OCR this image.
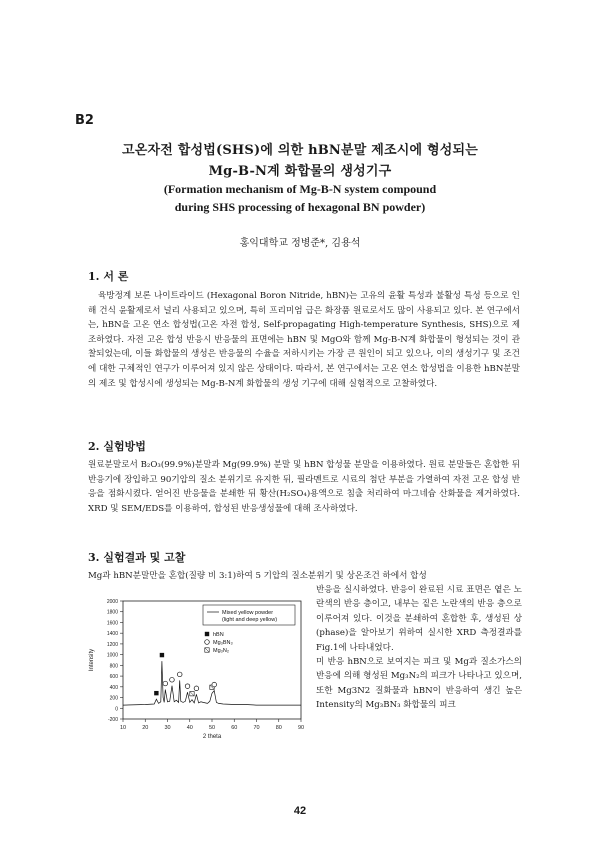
B2
고온자전 합성법(SHS)에 의한 hBN분말 제조시에 형성되는
Mg-B-N계 화합물의 생성기구
(Formation mechanism of Mg-B-N system compound
during SHS processing of hexagonal BN powder)
홍익대학교 정병준*, 김용석
1. 서 론

육방정계 보론 나이트라이드 (Hexagonal Boron Nitride, hBN)는 고유의 윤활 특성과 불활성 특성 등으로 인해 건식 윤활제로서 널리 사용되고 있으며, 특히 프리미엄 급은 화장품 원료로서도 많이 사용되고 있다. 본 연구에서는, hBN을 고온 연소 합성법(고온 자전 합성, Self-propagating High-temperature Synthesis, SHS)으로 제조하였다. 자전 고온 합성 반응시 반응물의 표면에는 hBN 및 MgO와 함께 Mg-B-N계 화합물이 형성되는 것이 관찰되었는데, 이들 화합물의 생성은 반응물의 수율을 저하시키는 가장 큰 원인이 되고 있으나, 이의 생성기구 및 조건에 대한 구체적인 연구가 이루어져 있지 않은 상태이다. 따라서, 본 연구에서는 고온 연소 합성법을 이용한 hBN분말의 제조 및 합성시에 생성되는 Mg-B-N계 화합물의 생성 기구에 대해 실험적으로 고찰하였다.

2. 실험방법

원료분말로서 B₂O₃(99.9%)분말과 Mg(99.9%) 분말 및 hBN 합성물 분말을 이용하였다. 원료 분말들은 혼합한 뒤 반응기에 장입하고 90기압의 질소 분위기로 유지한 뒤, 필라멘트로 시료의 첨단 부분을 가열하여 자전 고온 합성 반응을 점화시켰다. 얻어진 반응물을 분쇄한 뒤 황산(H₂SO₄)용액으로 침출 처리하여 마그네슘 산화물을 제거하였다. XRD 및 SEM/EDS를 이용하여, 합성된 반응생성물에 대해 조사하였다.

3. 실험결과 및 고찰

Mg과 hBN분말만을 혼합(질량 비 3:1)하여 5 기압의 질소분위기 및 상온조건 하에서 합성

2000
1800
1600
1400
1200
1000
800
600
400
200
0
-200
10	20	30	40	50	60	70	80	90
2 theta
Intensity
Mixed yellow powder
(light and deep yellow)
hBN
Mg₃BN₃
Mg₃N₂

반응을 실시하였다. 반응이 완료된 시료 표면은 옅은 노란색의 반응 층이고, 내부는 짙은 노란색의 반응 층으로 이루어져 있다. 이것을 분쇄하여 혼합한 후, 생성된 상(phase)을 알아보기 위하여 실시한 XRD 측정결과를 Fig.1에 나타내었다.

미 반응 hBN으로 보여지는 피크 및 Mg과 질소가스의 반응에 의해 형성된 Mg₃N₂의 피크가 나타나고 있으며, 또한 Mg3N2 질화물과 hBN이 반응하여 생긴 높은 Intensity의 Mg₃BN₃ 화합물의 피크

42
